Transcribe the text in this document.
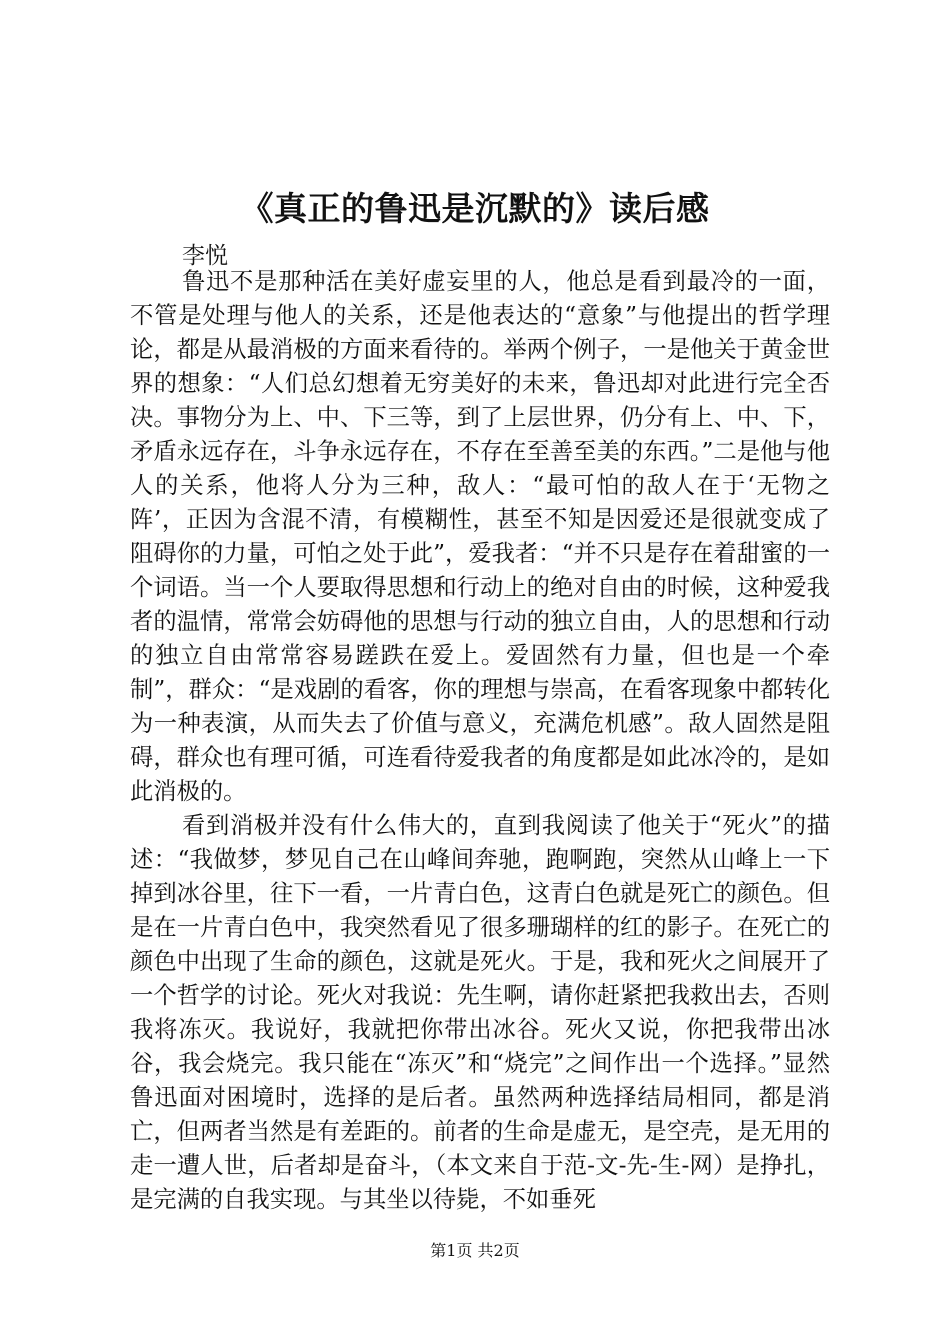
《真正的鲁迅是沉默的》读后感
李悦

鲁迅不是那种活在美好虚妄里的人，他总是看到最冷的一面，不管是处理与他人的关系，还是他表达的“意象”与他提出的哲学理论，都是从最消极的方面来看待的。举两个例子，一是他关于黄金世界的想象：“人们总幻想着无穷美好的未来，鲁迅却对此进行完全否决。事物分为上、中、下三等，到了上层世界，仍分有上、中、下，矛盾永远存在，斗争永远存在，不存在至善至美的东西。”二是他与他人的关系，他将人分为三种，敌人：“最可怕的敌人在于‘无物之阵’，正因为含混不清，有模糊性，甚至不知是因爱还是很就变成了阻碍你的力量，可怕之处于此”，爱我者：“并不只是存在着甜蜜的一个词语。当一个人要取得思想和行动上的绝对自由的时候，这种爱我者的温情，常常会妨碍他的思想与行动的独立自由，人的思想和行动的独立自由常常容易蹉跌在爱上。爱固然有力量，但也是一个牵制”，群众：“是戏剧的看客，你的理想与崇高，在看客现象中都转化为一种表演，从而失去了价值与意义，充满危机感”。敌人固然是阻碍，群众也有理可循，可连看待爱我者的角度都是如此冰冷的，是如此消极的。

看到消极并没有什么伟大的，直到我阅读了他关于“死火”的描述：“我做梦，梦见自己在山峰间奔驰，跑啊跑，突然从山峰上一下掉到冰谷里，往下一看，一片青白色，这青白色就是死亡的颜色。但是在一片青白色中，我突然看见了很多珊瑚样的红的影子。在死亡的颜色中出现了生命的颜色，这就是死火。于是，我和死火之间展开了一个哲学的讨论。死火对我说：先生啊，请你赶紧把我救出去，否则我将冻灭。我说好，我就把你带出冰谷。死火又说，你把我带出冰谷，我会烧完。我只能在“冻灭”和“烧完”之间作出一个选择。”显然鲁迅面对困境时，选择的是后者。虽然两种选择结局相同，都是消亡，但两者当然是有差距的。前者的生命是虚无，是空壳，是无用的走一遭人世，后者却是奋斗，（本文来自于范-文-先-生-网）是挣扎，是完满的自我实现。与其坐以待毙，不如垂死

第1页 共2页
